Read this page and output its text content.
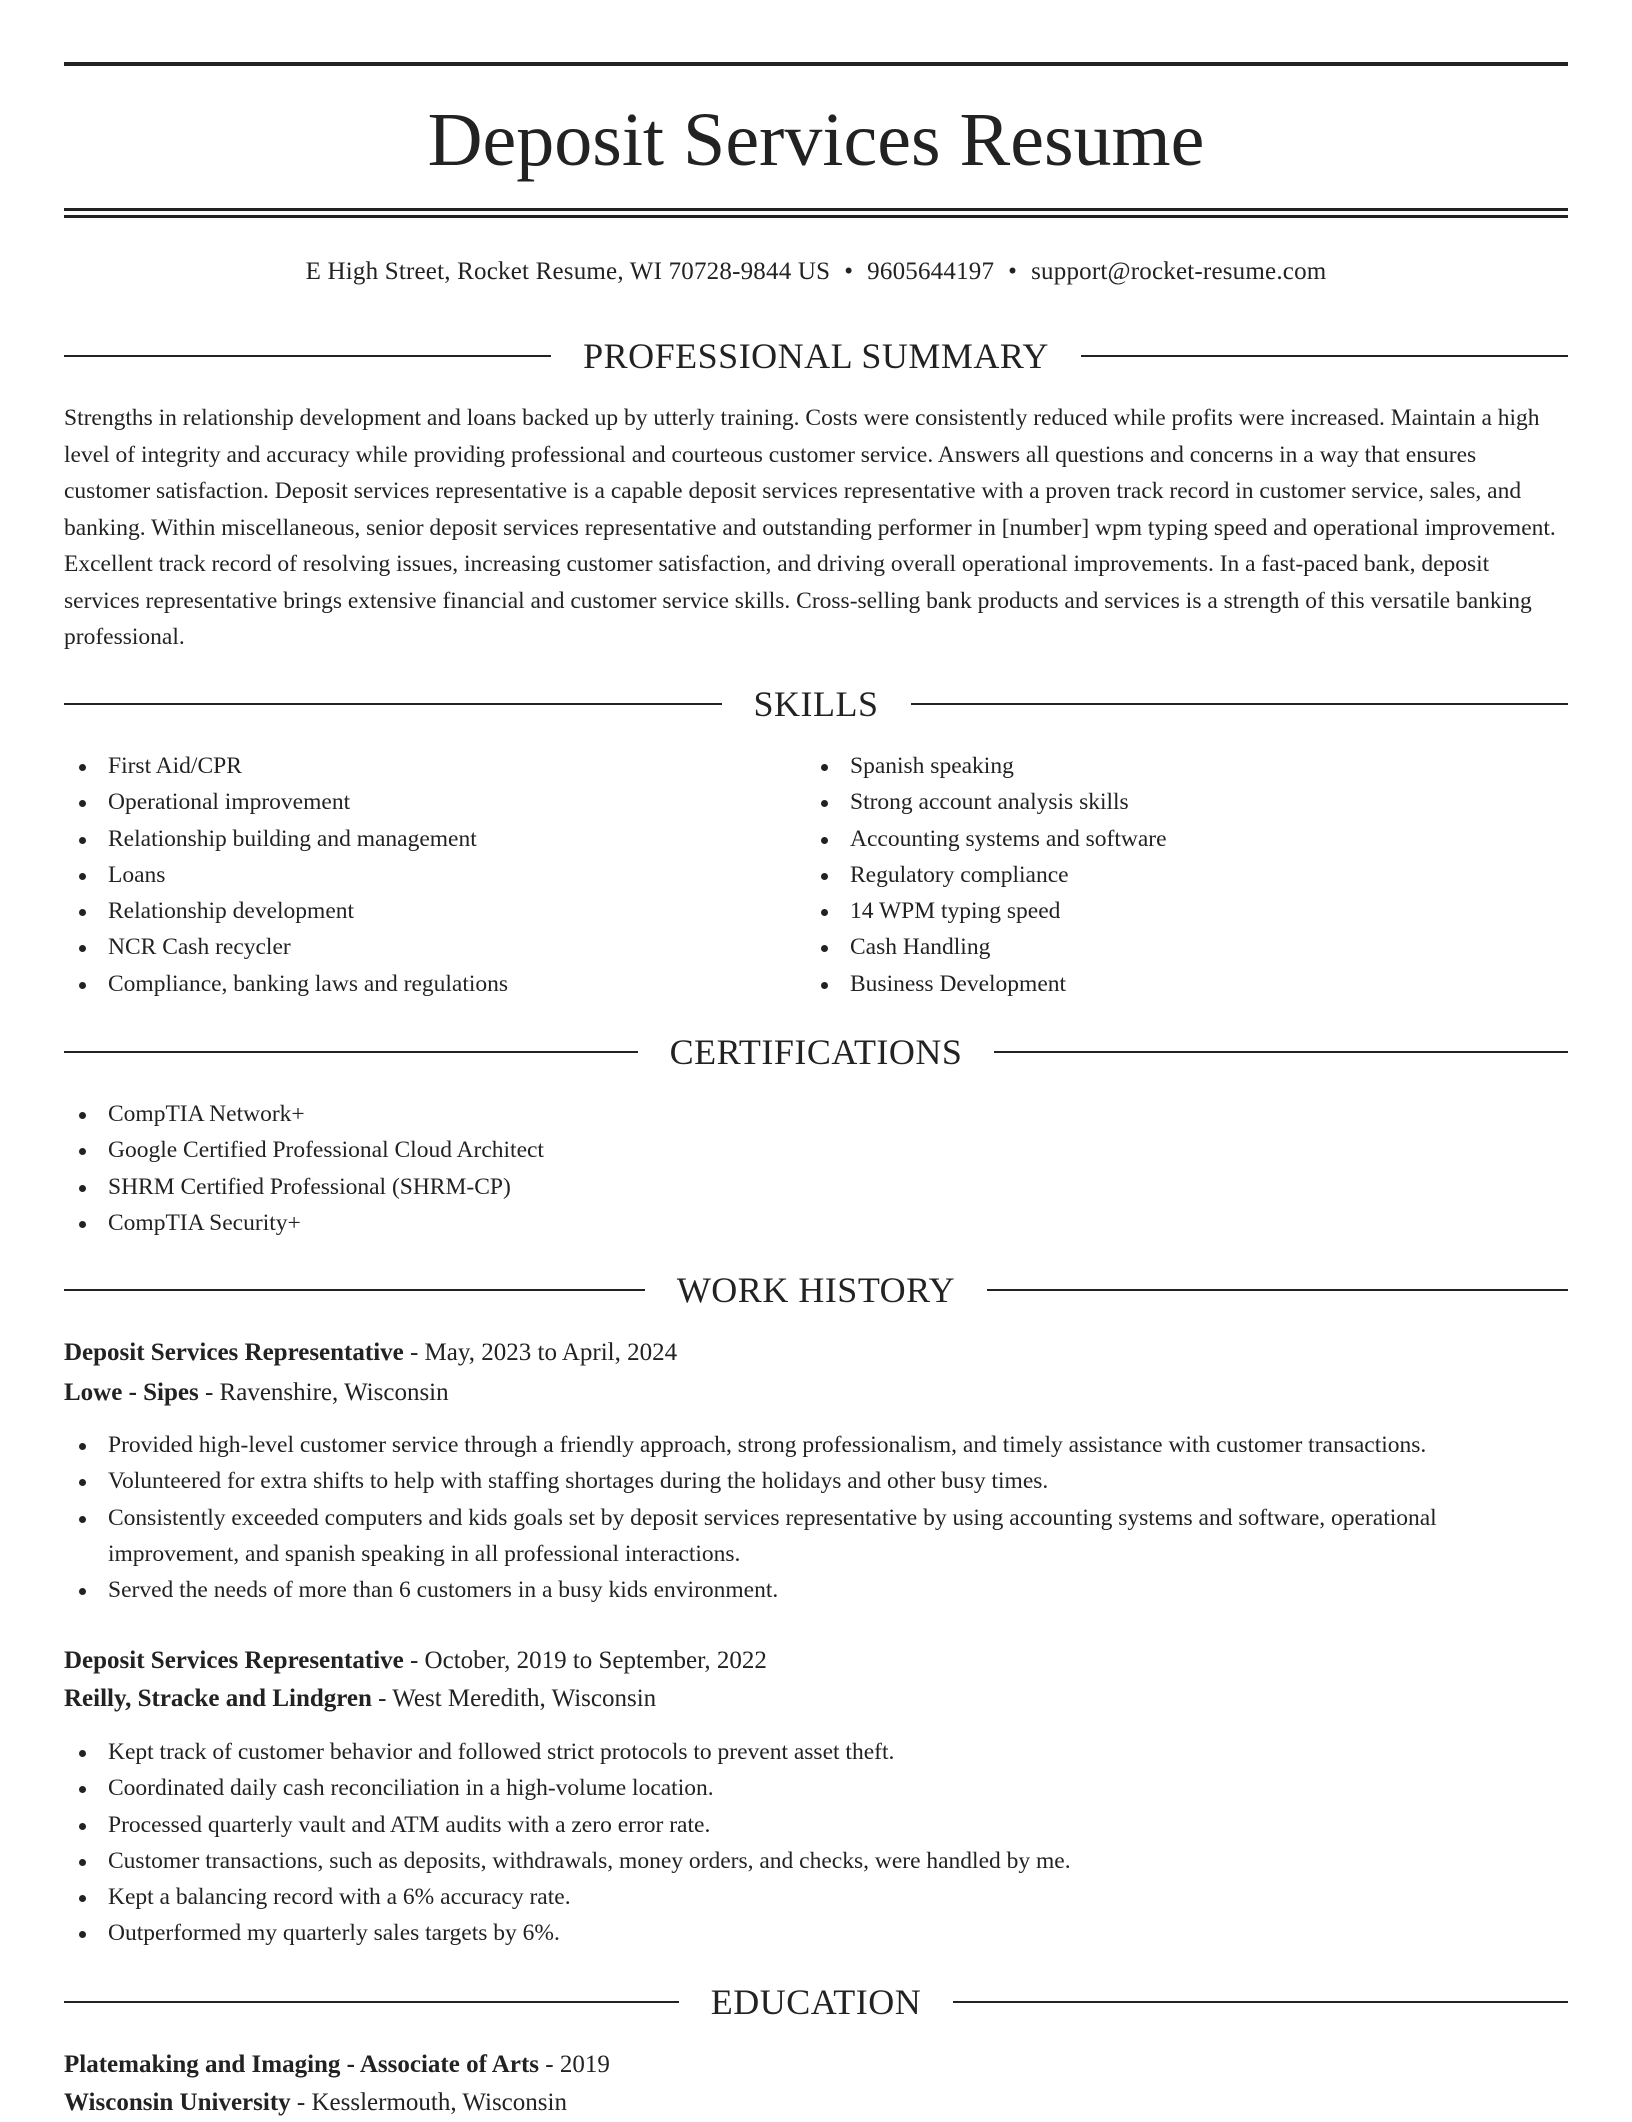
Deposit Services Resume
E High Street, Rocket Resume, WI 70728-9844 US • 9605644197 • support@rocket-resume.com
PROFESSIONAL SUMMARY

Strengths in relationship development and loans backed up by utterly training. Costs were consistently reduced while profits were increased. Maintain a high level of integrity and accuracy while providing professional and courteous customer service. Answers all questions and concerns in a way that ensures customer satisfaction. Deposit services representative is a capable deposit services representative with a proven track record in customer service, sales, and banking. Within miscellaneous, senior deposit services representative and outstanding performer in [number] wpm typing speed and operational improvement. Excellent track record of resolving issues, increasing customer satisfaction, and driving overall operational improvements. In a fast-paced bank, deposit services representative brings extensive financial and customer service skills. Cross-selling bank products and services is a strength of this versatile banking professional.

SKILLS
First Aid/CPR
Operational improvement
Relationship building and management
Loans
Relationship development
NCR Cash recycler
Compliance, banking laws and regulations
Spanish speaking
Strong account analysis skills
Accounting systems and software
Regulatory compliance
14 WPM typing speed
Cash Handling
Business Development
CERTIFICATIONS
CompTIA Network+
Google Certified Professional Cloud Architect
SHRM Certified Professional (SHRM-CP)
CompTIA Security+
WORK HISTORY
Deposit Services Representative - May, 2023 to April, 2024
Lowe - Sipes - Ravenshire, Wisconsin
Provided high-level customer service through a friendly approach, strong professionalism, and timely assistance with customer transactions.
Volunteered for extra shifts to help with staffing shortages during the holidays and other busy times.
Consistently exceeded computers and kids goals set by deposit services representative by using accounting systems and software, operational improvement, and spanish speaking in all professional interactions.
Served the needs of more than 6 customers in a busy kids environment.
Deposit Services Representative - October, 2019 to September, 2022
Reilly, Stracke and Lindgren - West Meredith, Wisconsin
Kept track of customer behavior and followed strict protocols to prevent asset theft.
Coordinated daily cash reconciliation in a high-volume location.
Processed quarterly vault and ATM audits with a zero error rate.
Customer transactions, such as deposits, withdrawals, money orders, and checks, were handled by me.
Kept a balancing record with a 6% accuracy rate.
Outperformed my quarterly sales targets by 6%.
EDUCATION
Platemaking and Imaging - Associate of Arts - 2019
Wisconsin University - Kesslermouth, Wisconsin
